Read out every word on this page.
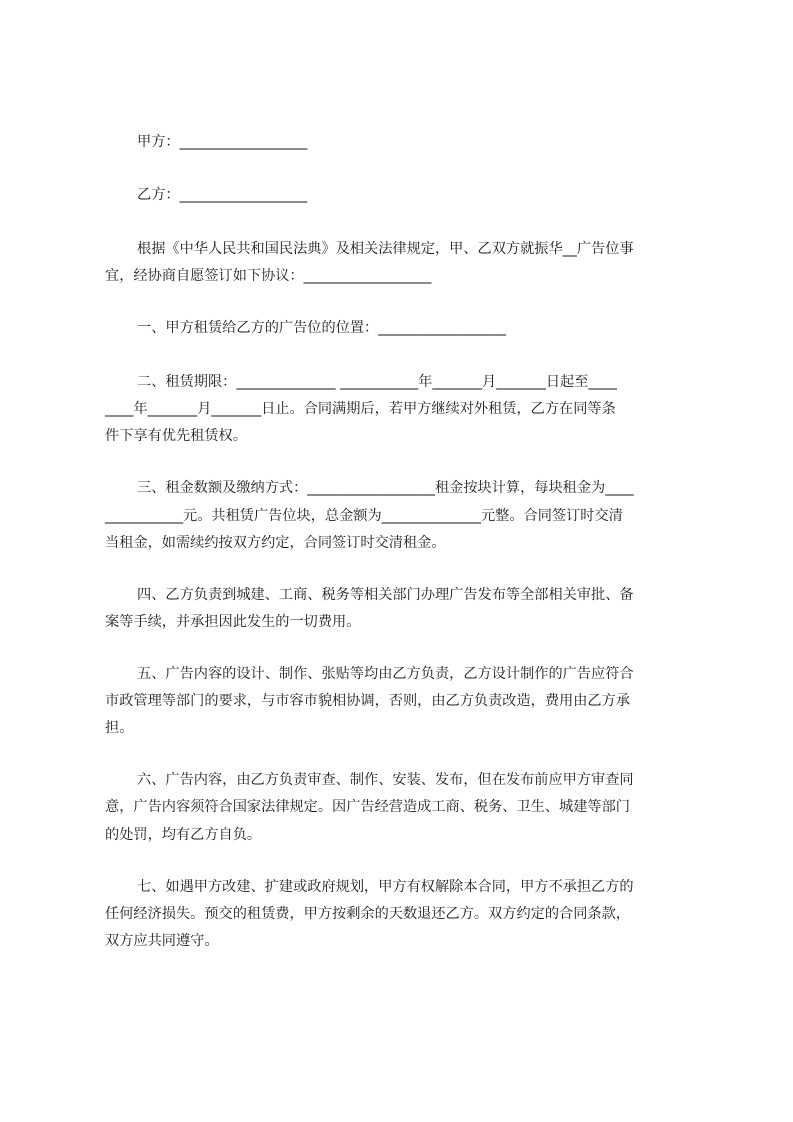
甲方：__________________
乙方：__________________
根据《中华人民共和国民法典》及相关法律规定，甲、乙双方就振华__广告位事
宜，经协商自愿签订如下协议：__________________
一、甲方租赁给乙方的广告位的位置：__________________
二、租赁期限：______________ ___________年_______月_______日起至____
____年_______月_______日止。合同满期后，若甲方继续对外租赁，乙方在同等条
件下享有优先租赁权。
三、租金数额及缴纳方式：__________________租金按块计算，每块租金为____
___________元。共租赁广告位块，总金额为______________元整。合同签订时交清
当租金，如需续约按双方约定，合同签订时交清租金。
四、乙方负责到城建、工商、税务等相关部门办理广告发布等全部相关审批、备
案等手续，并承担因此发生的一切费用。
五、广告内容的设计、制作、张贴等均由乙方负责，乙方设计制作的广告应符合
市政管理等部门的要求，与市容市貌相协调，否则，由乙方负责改造，费用由乙方承
担。
六、广告内容，由乙方负责审查、制作、安装、发布，但在发布前应甲方审查同
意，广告内容须符合国家法律规定。因广告经营造成工商、税务、卫生、城建等部门
的处罚，均有乙方自负。
七、如遇甲方改建、扩建或政府规划，甲方有权解除本合同，甲方不承担乙方的
任何经济损失。预交的租赁费，甲方按剩余的天数退还乙方。双方约定的合同条款，
双方应共同遵守。
